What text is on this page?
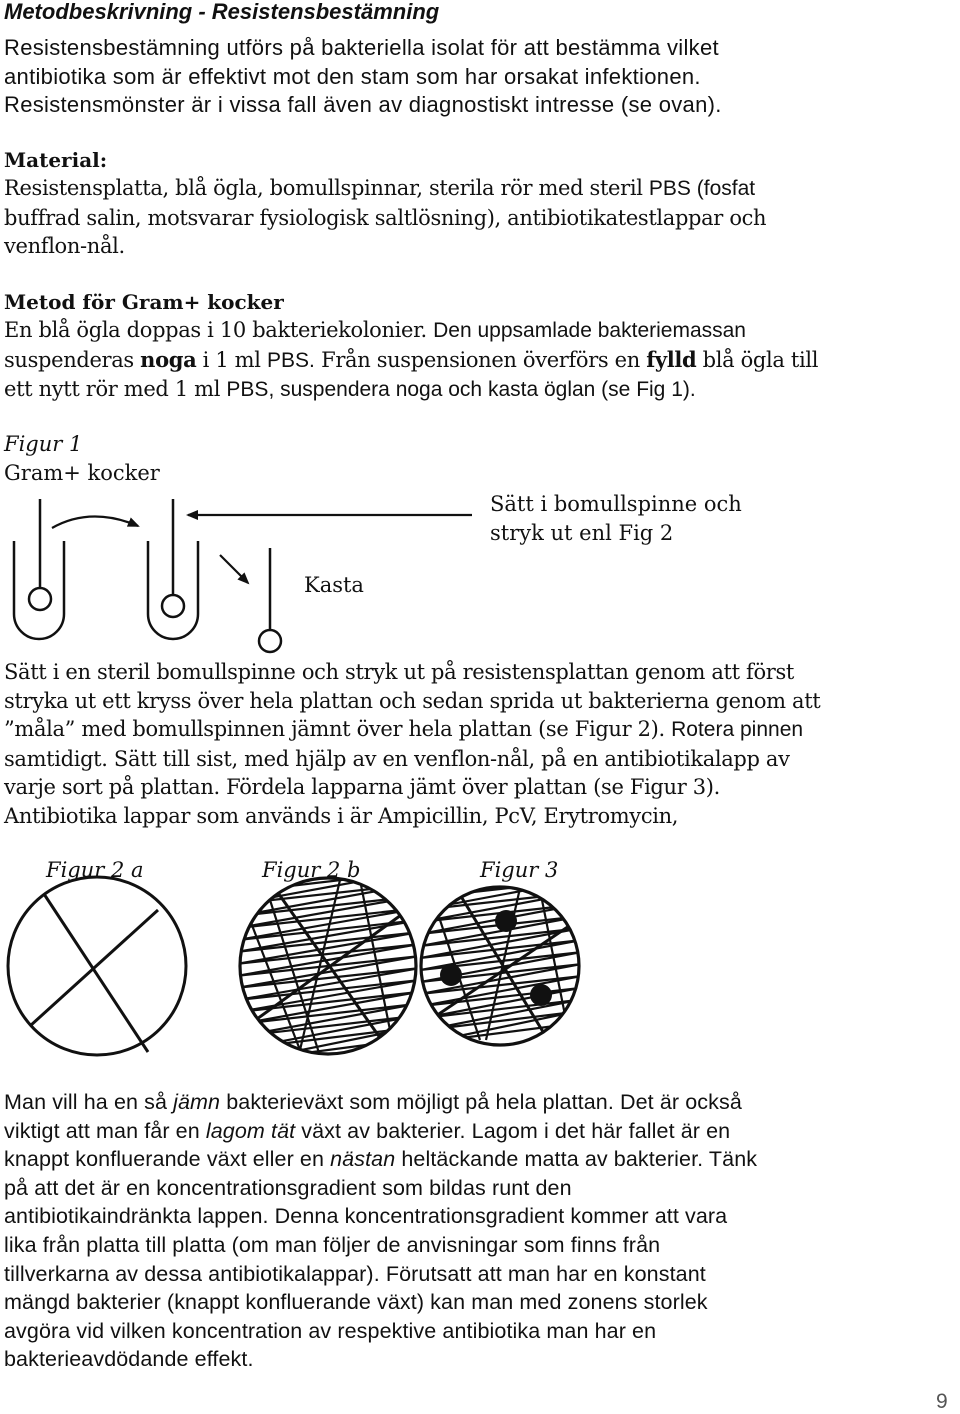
Metodbeskrivning - Resistensbestämning
Resistensbestämning utförs på bakteriella isolat för att bestämma vilket
antibiotika som är effektivt mot den stam som har orsakat infektionen.
Resistensmönster är i vissa fall även av diagnostiskt intresse (se ovan).
Material:
Resistensplatta, blå ögla, bomullspinnar, sterila rör med steril PBS (fosfat
buffrad salin, motsvarar fysiologisk saltlösning), antibiotikatestlappar och
venflon-nål.
Metod för Gram+ kocker
En blå ögla doppas i 10 bakteriekolonier. Den uppsamlade bakteriemassan
suspenderas noga i 1 ml PBS. Från suspensionen överförs en fylld blå ögla till
ett nytt rör med 1 ml PBS, suspendera noga och kasta öglan (se Fig 1).
Figur 1
Gram+ kocker
Sätt i bomullspinne och
stryk ut enl Fig 2
Kasta
Sätt i en steril bomullspinne och stryk ut på resistensplattan genom att först
stryka ut ett kryss över hela plattan och sedan sprida ut bakterierna genom att
”måla” med bomullspinnen jämnt över hela plattan (se Figur 2). Rotera pinnen
samtidigt. Sätt till sist, med hjälp av en venflon-nål, på en antibiotikalapp av
varje sort på plattan. Fördela lapparna jämt över plattan (se Figur 3).
Antibiotika lappar som används i är Ampicillin, PcV, Erytromycin,
Figur 2 a	Figur 2 b	Figur 3
Man vill ha en så jämn bakterieväxt som möjligt på hela plattan. Det är också
viktigt att man får en lagom tät växt av bakterier. Lagom i det här fallet är en
knappt konfluerande växt eller en nästan heltäckande matta av bakterier. Tänk
på att det är en koncentrationsgradient som bildas runt den
antibiotikaindränkta lappen. Denna koncentrationsgradient kommer att vara
lika från platta till platta (om man följer de anvisningar som finns från
tillverkarna av dessa antibiotikalappar). Förutsatt att man har en konstant
mängd bakterier (knappt konfluerande växt) kan man med zonens storlek
avgöra vid vilken koncentration av respektive antibiotika man har en
bakterieavdödande effekt.
9
